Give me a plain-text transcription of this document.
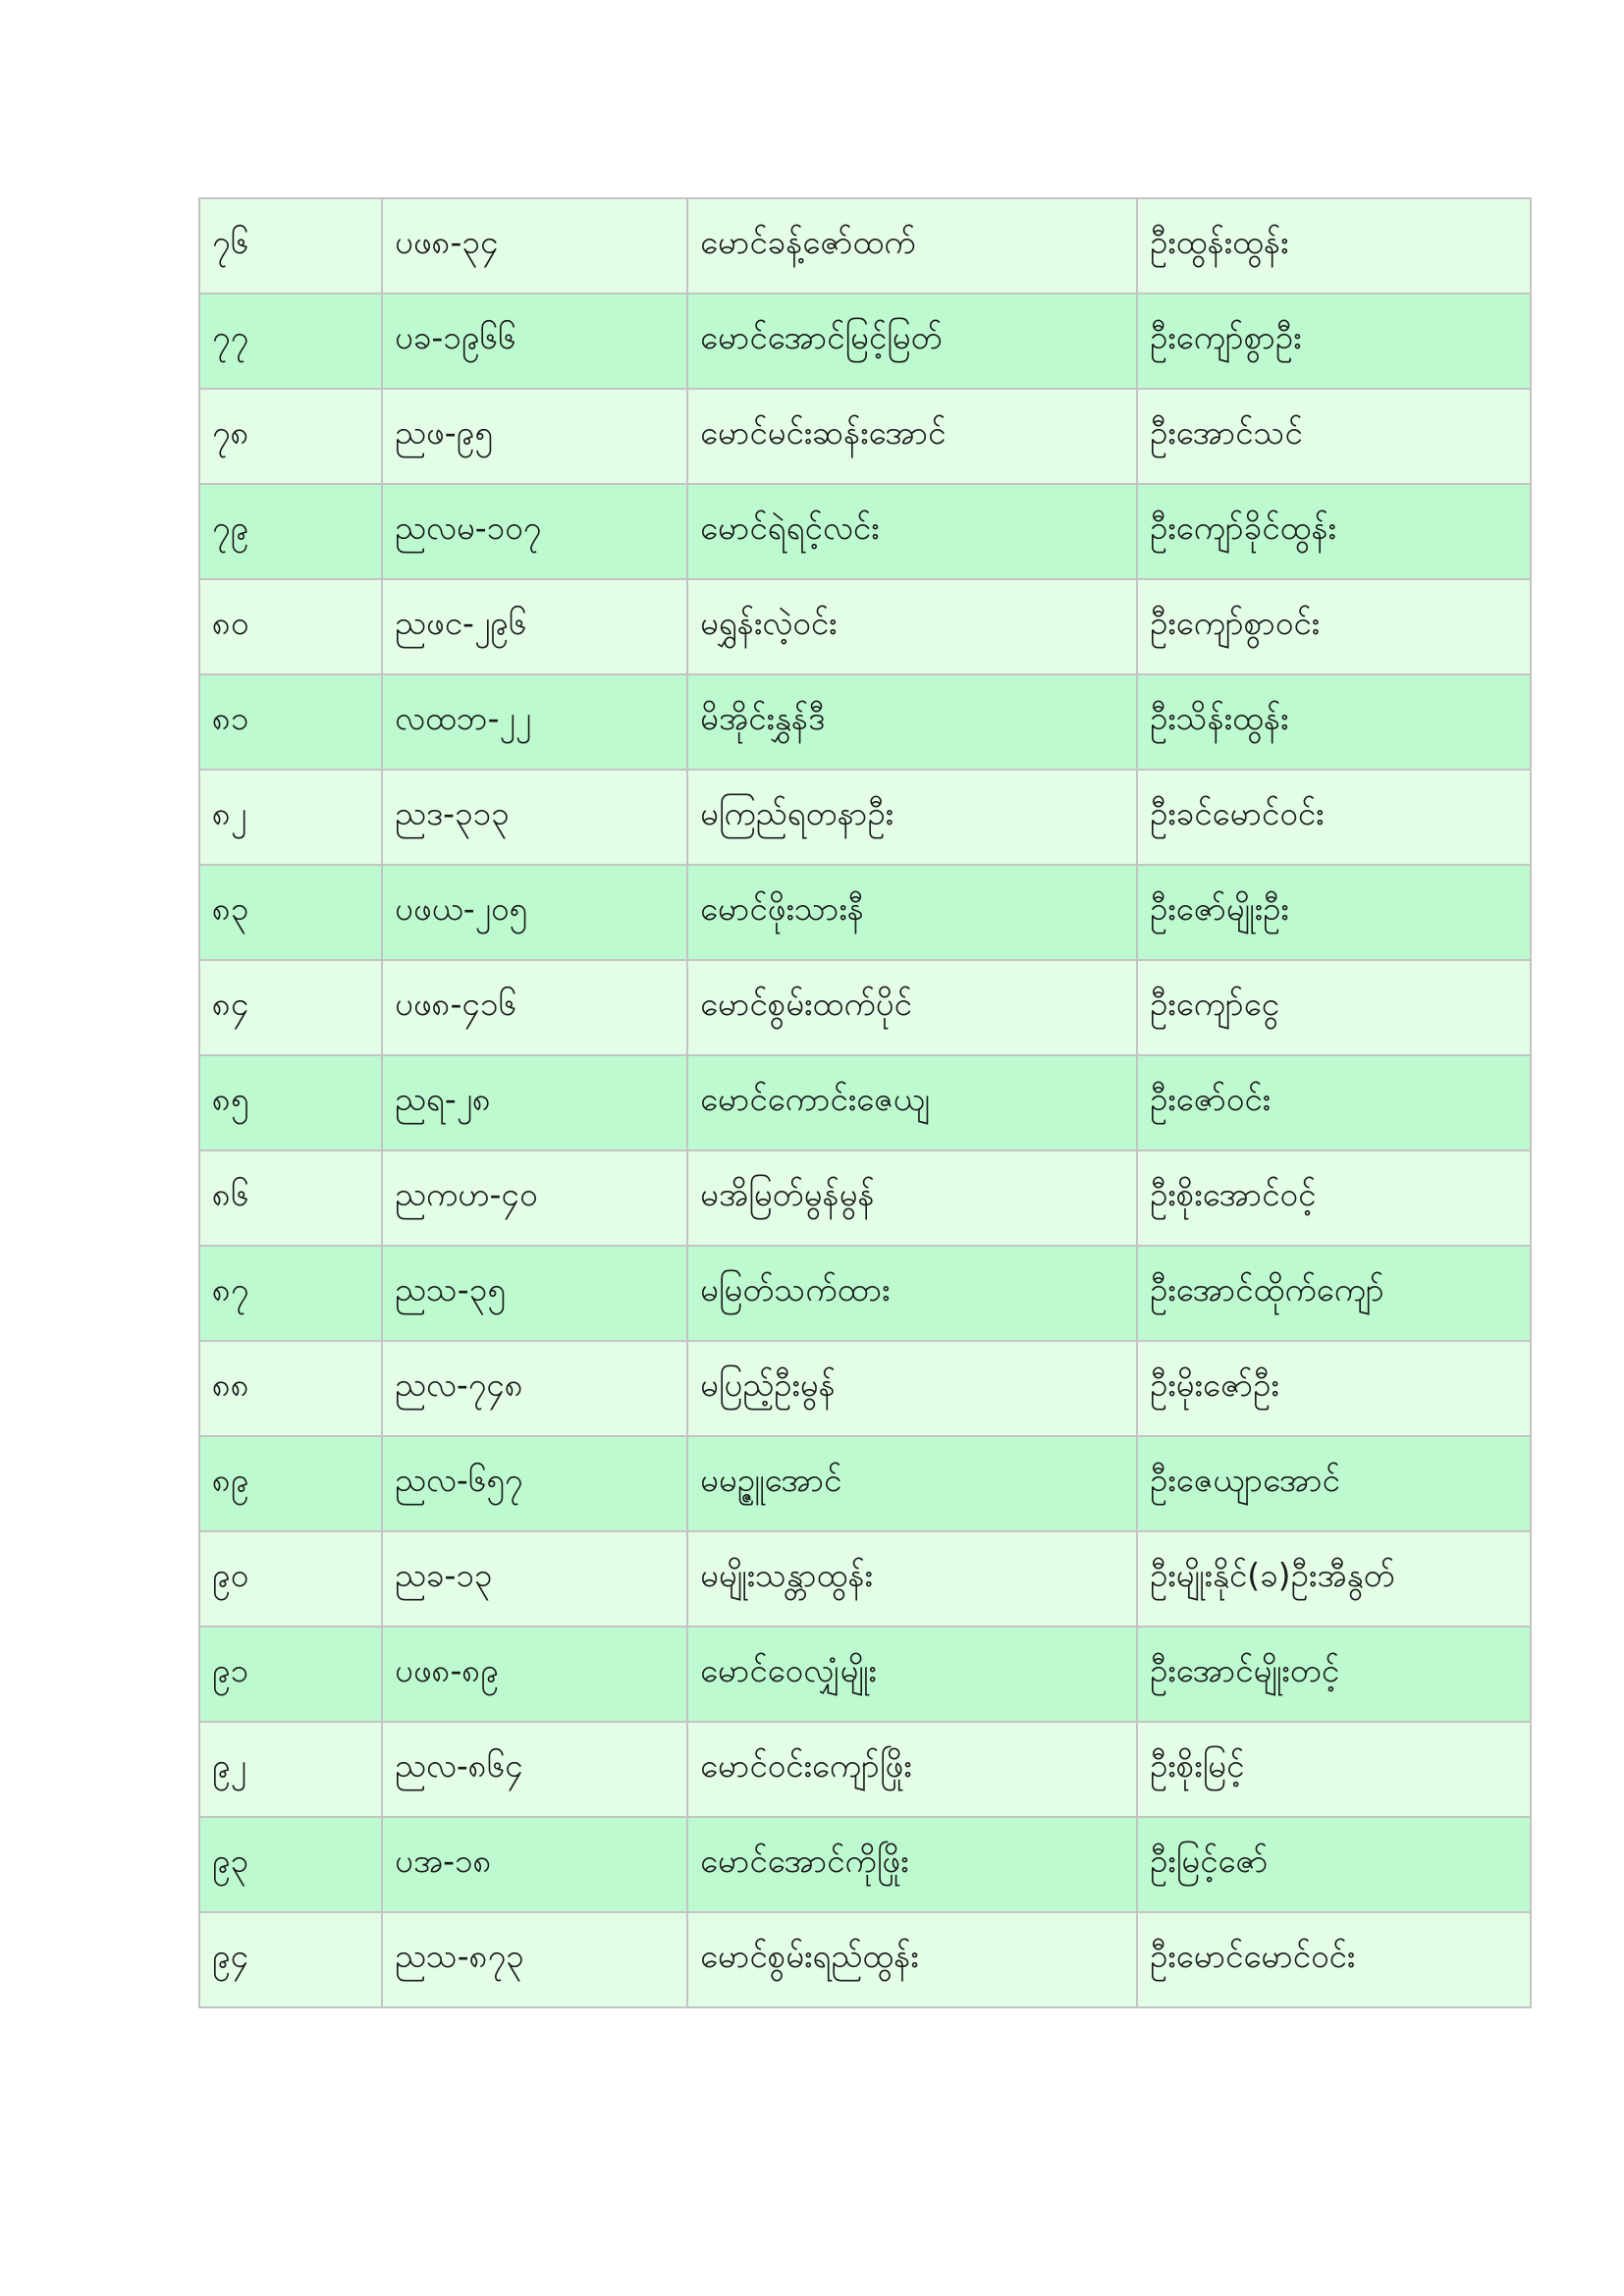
၇၆	ပဖ၈-၃၄	မောင်ခန့်ဇော်ထက်	ဦးထွန်းထွန်း
၇၇	ပခ-၁၉၆၆	မောင်အောင်မြင့်မြတ်	ဦးကျော်စွာဦး
၇၈	ညဖ-၉၅	မောင်မင်းဆန်းအောင်	ဦးအောင်သင်
၇၉	ညလမ-၁၀၇	မောင်ရဲရင့်လင်း	ဦးကျော်ခိုင်ထွန်း
၈၀	ညဖင-၂၉၆	မရွှန်းလဲ့ဝင်း	ဦးကျော်စွာဝင်း
၈၁	လထဘ-၂၂	မိအိုင်းနွှန်ဒီ	ဦးသိန်းထွန်း
၈၂	ညဒ-၃၁၃	မကြည်ရတနာဦး	ဦးခင်မောင်ဝင်း
၈၃	ပဖယ-၂၀၅	မောင်ဖိုးသားနီ	ဦးဇော်မျိုးဦး
၈၄	ပဖ၈-၄၁၆	မောင်စွမ်းထက်ပိုင်	ဦးကျော်ငွေ
၈၅	ညရ-၂၈	မောင်ကောင်းဇေယျ	ဦးဇော်ဝင်း
၈၆	ညကဟ-၄၀	မအိမြတ်မွန်မွန်	ဦးစိုးအောင်ဝင့်
၈၇	ညသ-၃၅	မမြတ်သက်ထား	ဦးအောင်ထိုက်ကျော်
၈၈	ညလ-၇၄၈	မပြည့်ဦးမွန်	ဦးမိုးဇော်ဦး
၈၉	ညလ-၆၅၇	မမဥ္ဇူအောင်	ဦးဇေယျာအောင်
၉၀	ညခ-၁၃	မမျိုးသန္တာထွန်း	ဦးမျိုးနိုင်(ခ)ဦးအီနွတ်
၉၁	ပဖ၈-၈၉	မောင်ဝေလျှံမျိုး	ဦးအောင်မျိုးတင့်
၉၂	ညလ-၈၆၄	မောင်ဝင်းကျော်ဖြိုး	ဦးစိုးမြင့်
၉၃	ပအ-၁၈	မောင်အောင်ကိုဖြိုး	ဦးမြင့်ဇော်
၉၄	ညသ-၈၇၃	မောင်စွမ်းရည်ထွန်း	ဦးမောင်မောင်ဝင်း
